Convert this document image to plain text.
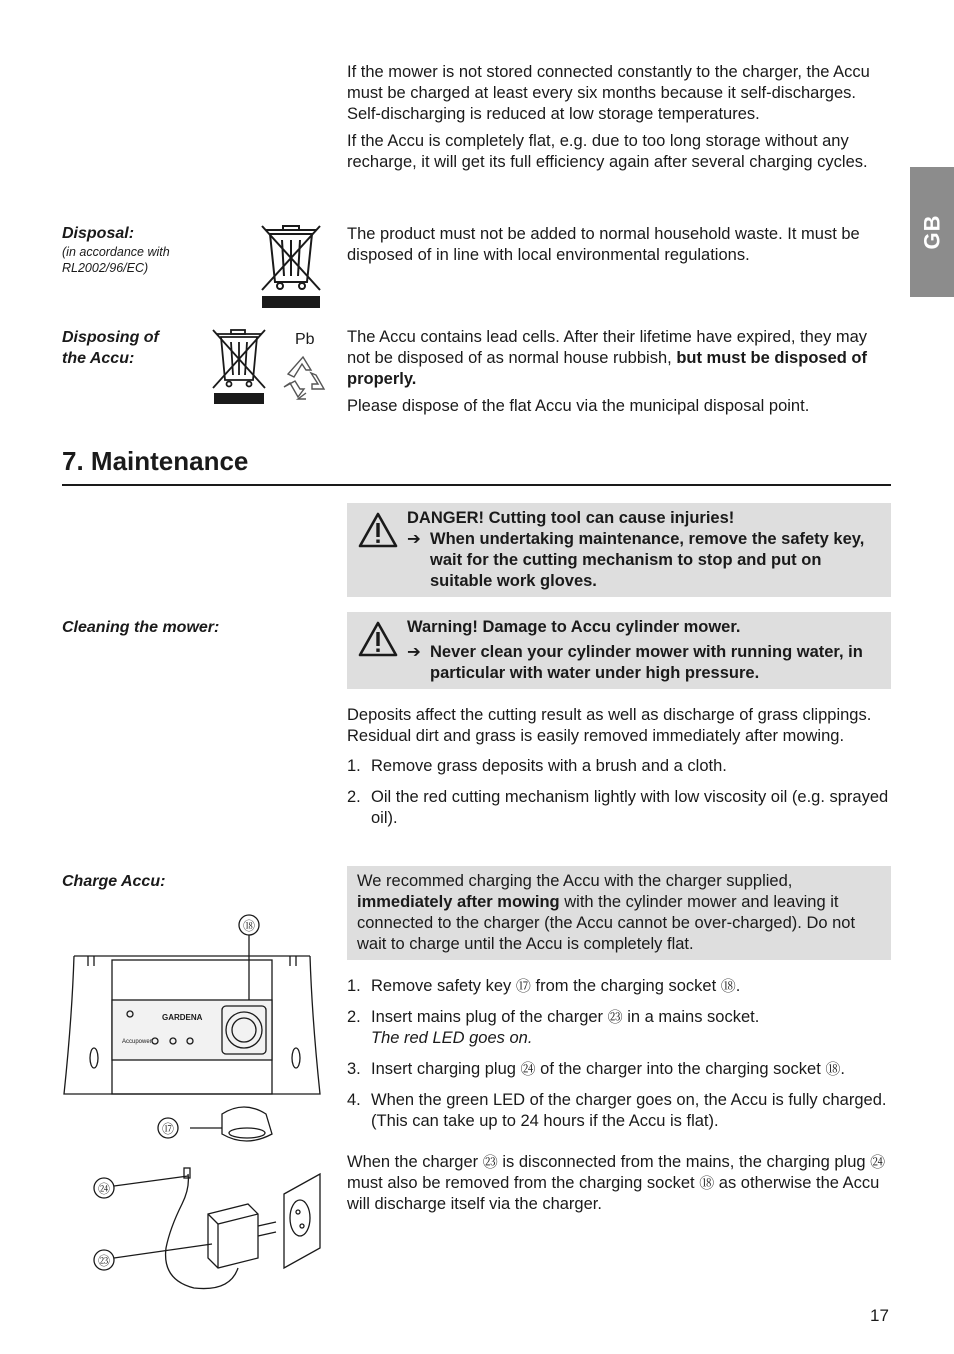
GB

If the mower is not stored connected constantly to the charger, the Accu must be charged at least every six months because it self-discharges. Self-discharging is reduced at low storage temperatures.

If the Accu is completely flat, e.g. due to too long storage without any recharge, it will get its full efficiency again after several charging cycles.

Disposal:
(in accordance with
RL2002/96/EC)

The product must not be added to normal household waste. It must be disposed of in line with local environmental regulations.

Disposing of
the Accu:
Pb The Accu contains lead cells. After their lifetime have expired, they may not be disposed of as normal house rubbish, but must be disposed of properly.

Please dispose of the flat Accu via the municipal disposal point.

7. Maintenance
DANGER! Cutting tool can cause injuries!
➔ When undertaking maintenance, remove the safety key, wait for the cutting mechanism to stop and put on suitable work gloves.
Cleaning the mower:	Warning! Damage to Accu cylinder mower.
➔ Never clean your cylinder mower with running water, in particular with water under high pressure.

Deposits affect the cutting result as well as discharge of grass clippings. Residual dirt and grass is easily removed immediately after mowing.

1. Remove grass deposits with a brush and a cloth.
2. Oil the red cutting mechanism lightly with low viscosity oil (e.g. sprayed oil).
Charge Accu:	We recommed charging the Accu with the charger supplied, immediately after mowing with the cylinder mower and leaving it connected to the charger (the Accu cannot be over-charged). Do not wait to charge until the Accu is completely flat.

1. Remove safety key ⑰ from the charging socket ⑱.
2. Insert mains plug of the charger ㉓ in a mains socket.
The red LED goes on.
3. Insert charging plug ㉔ of the charger into the charging socket ⑱.
4. When the green LED of the charger goes on, the Accu is fully charged. (This can take up to 24 hours if the Accu is flat).

When the charger ㉓ is disconnected from the mains, the charging plug ㉔ must also be removed from the charging socket ⑱ as otherwise the Accu will discharge itself via the charger.

⑱
⑰
㉔
㉓
GARDENA
Accupower
17
